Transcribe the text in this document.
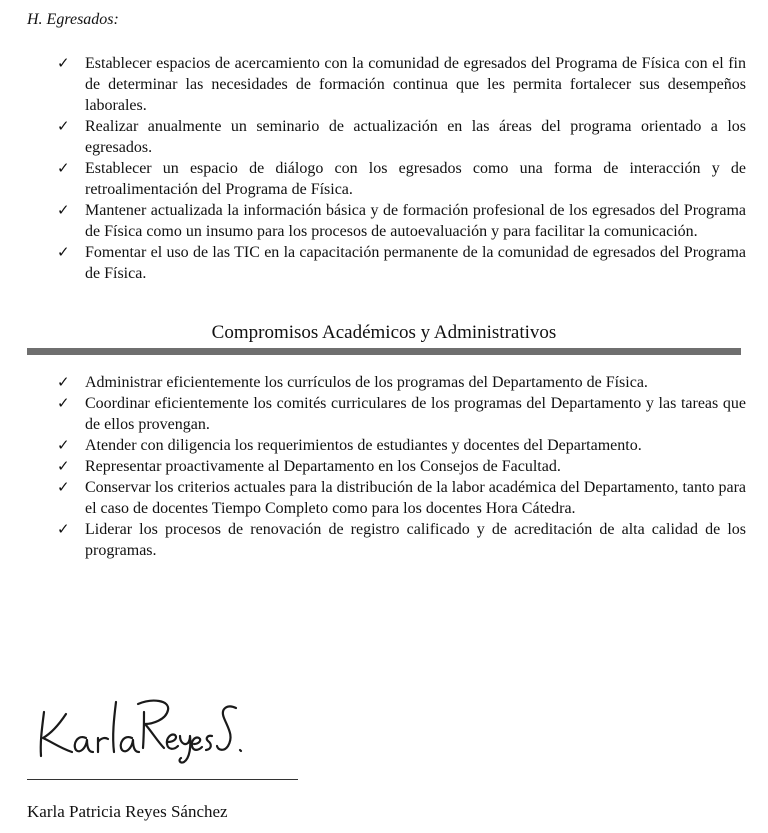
H. Egresados:
✓ Establecer espacios de acercamiento con la comunidad de egresados del Programa de Física con el fin de determinar las necesidades de formación continua que les permita fortalecer sus desempeños laborales.
✓ Realizar anualmente un seminario de actualización en las áreas del programa orientado a los egresados.
✓ Establecer un espacio de diálogo con los egresados como una forma de interacción y de retroalimentación del Programa de Física.
✓ Mantener actualizada la información básica y de formación profesional de los egresados del Programa de Física como un insumo para los procesos de autoevaluación y para facilitar la comunicación.
✓ Fomentar el uso de las TIC en la capacitación permanente de la comunidad de egresados del Programa de Física.
Compromisos Académicos y Administrativos
✓ Administrar eficientemente los currículos de los programas del Departamento de Física.
✓ Coordinar eficientemente los comités curriculares de los programas del Departamento y las tareas que de ellos provengan.
✓ Atender con diligencia los requerimientos de estudiantes y docentes del Departamento.
✓ Representar proactivamente al Departamento en los Consejos de Facultad.
✓ Conservar los criterios actuales para la distribución de la labor académica del Departamento, tanto para el caso de docentes Tiempo Completo como para los docentes Hora Cátedra.
✓ Liderar los procesos de renovación de registro calificado y de acreditación de alta calidad de los programas.
Karla Patricia Reyes Sánchez
